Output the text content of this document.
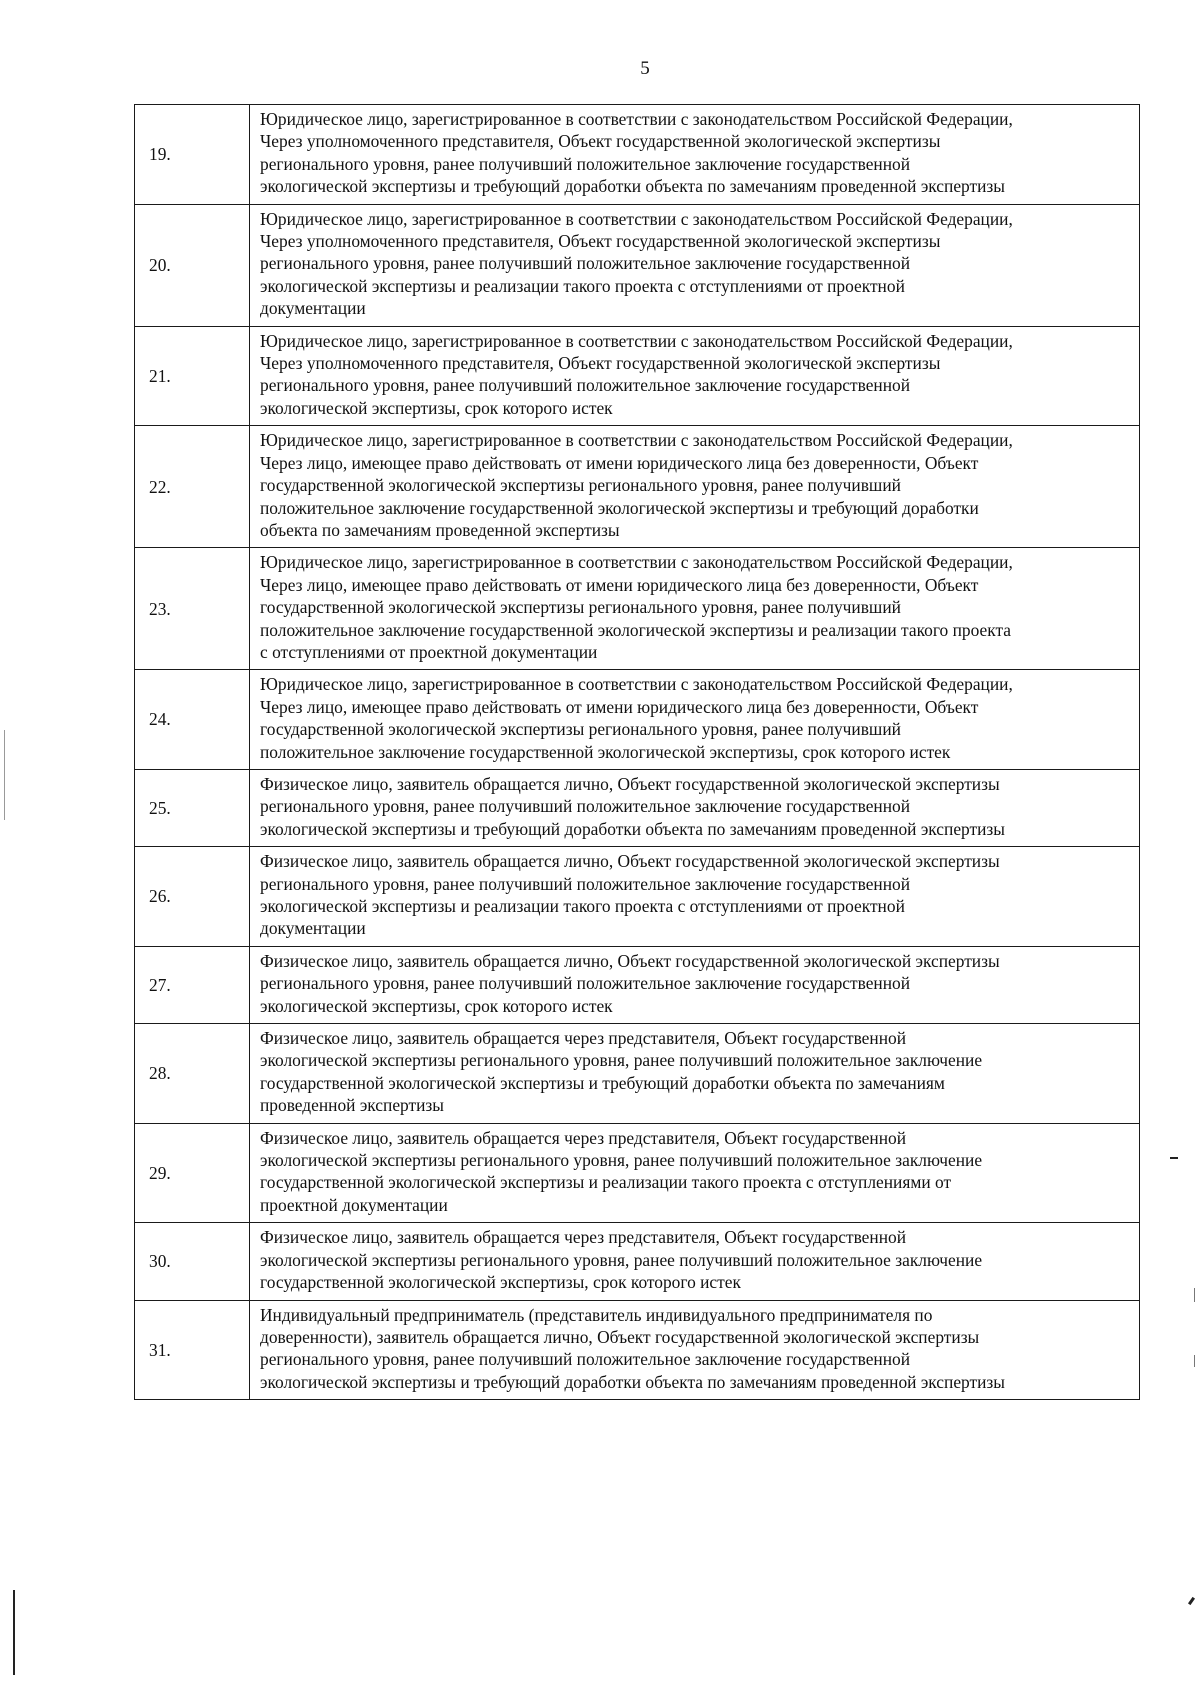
5
19.	Юридическое лицо, зарегистрированное в соответствии с законодательством Российской Федерации,
Через уполномоченного представителя, Объект государственной экологической экспертизы
регионального уровня, ранее получивший положительное заключение государственной
экологической экспертизы и требующий доработки объекта по замечаниям проведенной экспертизы

20.	Юридическое лицо, зарегистрированное в соответствии с законодательством Российской Федерации,
Через уполномоченного представителя, Объект государственной экологической экспертизы
регионального уровня, ранее получивший положительное заключение государственной
экологической экспертизы и реализации такого проекта с отступлениями от проектной
документации

21.	Юридическое лицо, зарегистрированное в соответствии с законодательством Российской Федерации,
Через уполномоченного представителя, Объект государственной экологической экспертизы
регионального уровня, ранее получивший положительное заключение государственной
экологической экспертизы, срок которого истек

22.	Юридическое лицо, зарегистрированное в соответствии с законодательством Российской Федерации,
Через лицо, имеющее право действовать от имени юридического лица без доверенности, Объект
государственной экологической экспертизы регионального уровня, ранее получивший
положительное заключение государственной экологической экспертизы и требующий доработки
объекта по замечаниям проведенной экспертизы

23.	Юридическое лицо, зарегистрированное в соответствии с законодательством Российской Федерации,
Через лицо, имеющее право действовать от имени юридического лица без доверенности, Объект
государственной экологической экспертизы регионального уровня, ранее получивший
положительное заключение государственной экологической экспертизы и реализации такого проекта
с отступлениями от проектной документации

24.	Юридическое лицо, зарегистрированное в соответствии с законодательством Российской Федерации,
Через лицо, имеющее право действовать от имени юридического лица без доверенности, Объект
государственной экологической экспертизы регионального уровня, ранее получивший
положительное заключение государственной экологической экспертизы, срок которого истек

25.	Физическое лицо, заявитель обращается лично, Объект государственной экологической экспертизы
регионального уровня, ранее получивший положительное заключение государственной
экологической экспертизы и требующий доработки объекта по замечаниям проведенной экспертизы

26.	Физическое лицо, заявитель обращается лично, Объект государственной экологической экспертизы
регионального уровня, ранее получивший положительное заключение государственной
экологической экспертизы и реализации такого проекта с отступлениями от проектной
документации

27.	Физическое лицо, заявитель обращается лично, Объект государственной экологической экспертизы
регионального уровня, ранее получивший положительное заключение государственной
экологической экспертизы, срок которого истек

28.	Физическое лицо, заявитель обращается через представителя, Объект государственной
экологической экспертизы регионального уровня, ранее получивший положительное заключение
государственной экологической экспертизы и требующий доработки объекта по замечаниям
проведенной экспертизы

29.	Физическое лицо, заявитель обращается через представителя, Объект государственной
экологической экспертизы регионального уровня, ранее получивший положительное заключение
государственной экологической экспертизы и реализации такого проекта с отступлениями от
проектной документации

30.	Физическое лицо, заявитель обращается через представителя, Объект государственной
экологической экспертизы регионального уровня, ранее получивший положительное заключение
государственной экологической экспертизы, срок которого истек

31.	Индивидуальный предприниматель (представитель индивидуального предпринимателя по
доверенности), заявитель обращается лично, Объект государственной экологической экспертизы
регионального уровня, ранее получивший положительное заключение государственной
экологической экспертизы и требующий доработки объекта по замечаниям проведенной экспертизы
